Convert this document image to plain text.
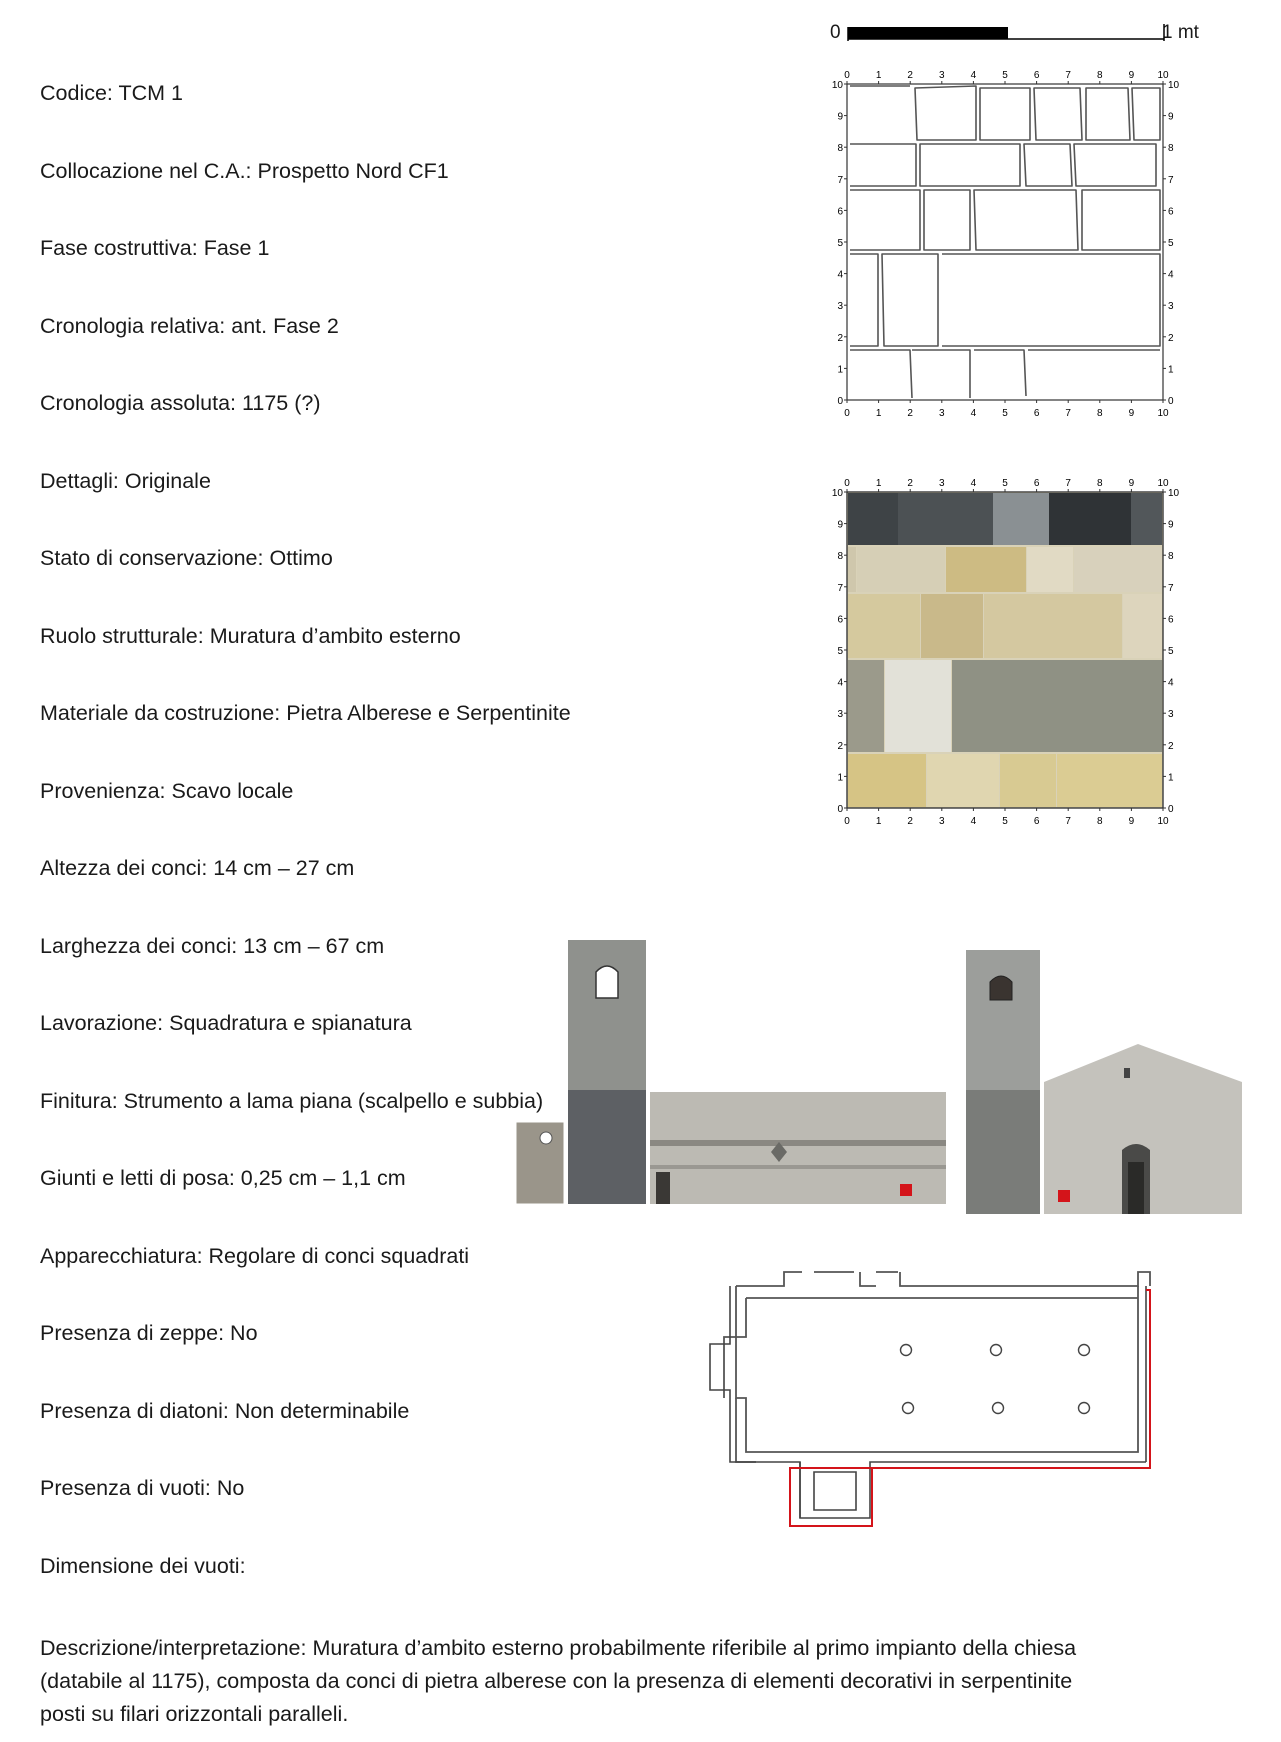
0	1 mt
Codice: TCM 1
Collocazione nel C.A.: Prospetto Nord CF1
Fase costruttiva: Fase 1
Cronologia relativa: ant. Fase 2
Cronologia assoluta: 1175 (?)
Dettagli: Originale
Stato di conservazione: Ottimo
Ruolo strutturale: Muratura d’ambito esterno
Materiale da costruzione: Pietra Alberese e Serpentinite
Provenienza: Scavo locale
Altezza dei conci: 14 cm – 27 cm
Larghezza dei conci: 13 cm – 67 cm
Lavorazione: Squadratura e spianatura
Finitura: Strumento a lama piana (scalpello e subbia)
Giunti e letti di posa: 0,25 cm – 1,1 cm
Apparecchiatura: Regolare di conci squadrati
Presenza di zeppe: No
Presenza di diatoni: Non determinabile
Presenza di vuoti: No
Dimensione dei vuoti:
0
0
0	0
1
1
1	1
2
2
2	2
3
3
3	3
4
4
4	4
5
5
5	5
6
6
6	6
7
7
7	7
8
8
8	8
9
9
9	9
10
10
10	10
0
0
0	0
1
1
1	1
2
2
2	2
3
3
3	3
4
4
4	4
5
5
5	5
6
6
6	6
7
7
7	7
8
8
8	8
9
9
9	9
10
10
10	10
Descrizione/interpretazione: Muratura d’ambito esterno probabilmente riferibile al primo impianto della chiesa (databile al 1175), composta da conci di pietra alberese con la presenza di elementi decorativi in serpentinite posti su filari orizzontali paralleli.
